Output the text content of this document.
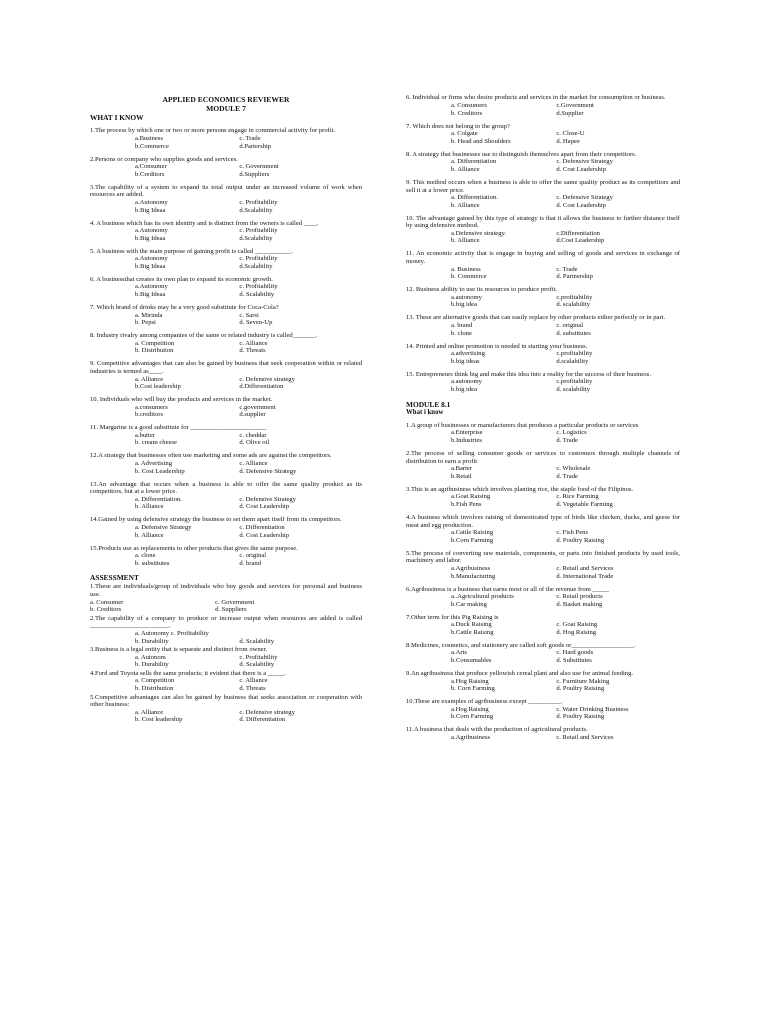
APPLIED ECONOMICS REVIEWER
MODULE 7
WHAT I KNOW
1.The process by which one or two or more persons engage in commercial activity for profit.
a.Business	c. Trade
b.Commerce	d.Partership
2.Persons or company who supplies goods and services.
a.Consumer	c. Government
b.Creditors	d.Suppliers
3.The capability of a system to expand its total output under an increased volume of work when resources are added.
a.Autonomy	c. Profitability
b.Big Ideaa	d.Scalability
4. A business which has its own identity and is distinct from the owners is called ____.
a.Autonomy	c. Profitability
b.Big Ideaa	d.Scalability
5. A business with the main purpose of gaining profit is called ___________.
a.Autonomy	c. Profitability
b.Big Ideaa	d.Scalability
6. A businessthat creates its own plan to expand its economic growth.
a.Autonomy	c. Profitability
b.Big Ideaa	d. Scalability
7. Which brand of drinks may be a very good substitute for Coca-Cola?
a. Mirinda	c. Sarsi
b. Pepsi	d. Seven-Up
8. Industry rivalry among companies of the same or related industry is called_______.
a. Competition	c. Alliance
b. Distribution	d. Threats
9. Competitive advantages that can also be gained by business that seek cooperation within or related industries is termed as____.
a. Alliance	c. Defensive strategy
b.Cost leadership	d.Differentiation
10. Individuals who will buy the products and services in the market.
a.consumers	c.government
b.creditors	d.supplier
11. Margarine is a good substitute for _______________________
a.butter	c. cheddar
b. cream cheese	d. Olive oil
12.A strategy that businesses often use marketing and some ads are against the competitors.
a. Advertising	c. Alliance
b. Cost Leadership	d. Defensive Strategy
13.An advantage that occurs when a business is able to offer the same quality product as its competitors, but at a lower price.
a. Differentiation.	c. Defensive Strategy
b. Alliance	d. Cost Leadership
14.Gained by using defensive strategy the business to set them apart itself from its competitors.
a. Defensive Strategy	c. Differentiation
b. Alliance	d. Cost Leadership
15.Products use as replacements to other products that gives the same purpose.
a. clone	c. original
b. substitutes	d. brand
ASSESSMENT
1.These are individuals/group of individuals who buy goods and services for personal and business use.
a. Consumer	c. Government
b. Creditors	d. Suppliers
2.The capability of a company to produce or increase output when resources are added is called ________________________.
a. Autonomy c. Profitability
b. Durability	d. Scalability
3.Business is a legal entity that is separate and distinct from owner.
a. Autonom	c. Profitability
b. Durability	d. Scalability
4.Ford and Toyota sells the same products; it evident that there is a _____.
a. Competition	c. Alliance
b. Distribution	d. Threats
5.Competitive advantages can also be gained by business that seeks association or cooperation with other business:
a. Alliance	c. Defensive strategy
b. Cost leadership	d. Differentiation
6. Individual or firms who desire products and services in the market for consumption or business.
a. Consumers	c.Government
b. Creditors	d.Supplier
7. Which does not belong to the group?
a. Colgate	c. Close-U
b. Head and Shoulders	d. Hapee
8. A strategy that businesses use to distinguish themselves apart from their competitors.
a. Differentiation	c. Defensive Strategy
b. Alliance	d. Cost Leadership
9. This method occurs when a business is able to offer the same quality product as its competitors and sell it at a lower price.
a. Differentiation.	c. Defensive Strategy
b. Alliance	d. Cost Leadership
10. The advantage gained by this type of strategy is that it allows the business to further distance itself by using defensive method.
a.Defensive strategy.	c.Differentiation
b. Alliance	d.Cost Leadership
11. An economic activity that is engage in buying and selling of goods and services in exchange of money.
a. Business	c. Trade
b. Commerce	d. Partnership
12. Business ability to use its resources to produce profit.
a.autonomy	c.profitability
b.big idea	d. scalability
13. These are alternative goods that can easily replace by other products either perfectly or in part.
a. brand	c. original
b. clone	d. substitutes
14. Printed and online promotion is needed in starting your business.
a.advertising	c.profitability
b.big ideas	d.scalability
15. Entrepreneurs think big and make this idea into a reality for the success of their business.
a.autonomy	c.profitability
b.big idea	d. scalability
MODULE 8.1
What i know
1.A group of businesses or manufacturers that produces a particular products or services
a.Enterprise	c. Logistics
b.Industries	d. Trade
2.The process of selling consumer goods or services to customers through multiple channels of distribution to earn a profit
a.Barter	c. Wholesale
b.Retail	d. Trade
3.This is an agribusiness which involves planting rice, the staple food of the Filipinos.
a.Goat Raising	c. Rice Farming
b.Fish Pens	d. Vegetable Farming
4.A business which involves raising of domesticated type of birds like chicken, ducks, and geese for meat and egg production.
a.Cattle Raising	c. Fish Pens
b.Corn Farming	d. Poultry Raising
5.The process of converting raw materials, components, or parts into finished products by used tools, machinery and labor.
a.Agribusiness	c. Retail and Services
b.Manufacturing	d. International Trade
6.Agribusiness is a business that earns most or all of the revenue from _____
a..Agricultural products	c. Retail products
b.Car making	d. Basket making
7.Other term for this Pig Raising is
a.Duck Raising	c. Goat Raising
b.Cattle Raising	d. Hog Raising
8.Medicines, cosmetics, and stationery are called soft goods or___________________.
a.Arts	c. Hard goods
b.Consumables	d. Substitutes
9.An agribusiness that produce yellowish cereal plant and also use for animal feeding.
a.Hog Raising	c. Furniture Making
b. Corn Farming	d. Poultry Raising
10.These are examples of agribusiness except __________.
a.Hog Raising	c. Water Drinking Business
b.Corn Farming	d. Poultry Raising
11.A business that deals with the production of agricultural products.
a.Agribusiness	c. Retail and Services
